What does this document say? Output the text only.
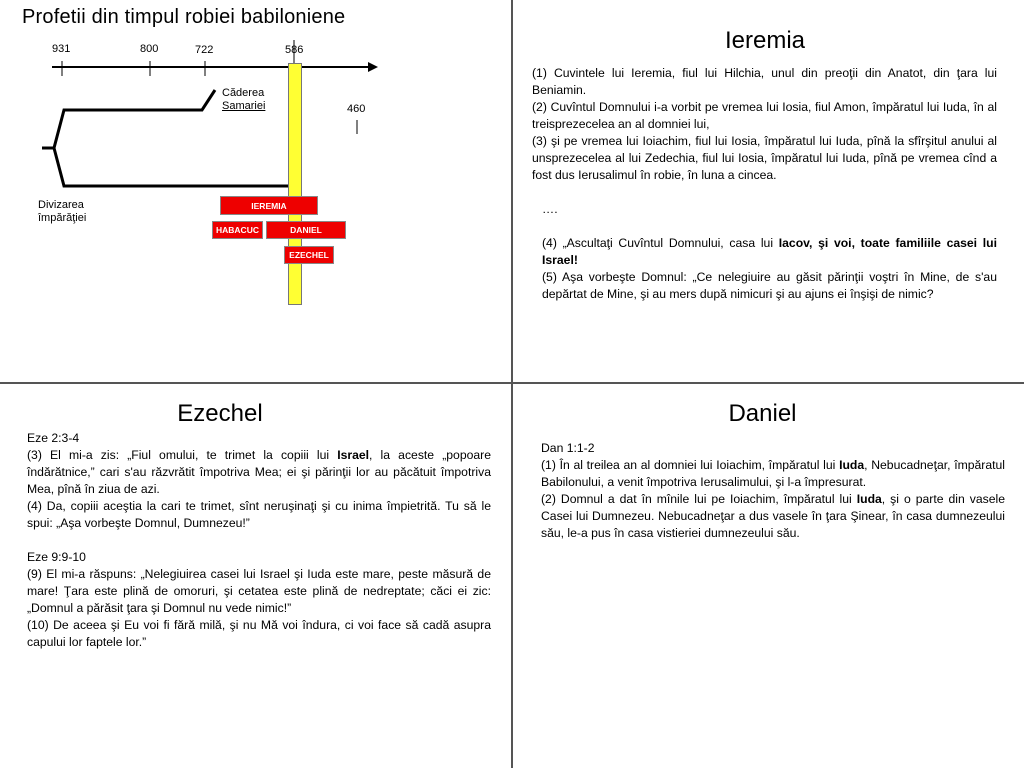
Profetii din timpul robiei babiloniene
931	800	722	586
460
Căderea
Samariei
Divizarea
împărăţiei
IEREMIA
HABACUC	DANIEL
EZECHEL
Ieremia

(1) Cuvintele lui Ieremia, fiul lui Hilchia, unul din preoţii din Anatot, din ţara lui Beniamin.

(2) Cuvîntul Domnului i-a vorbit pe vremea lui Iosia, fiul Amon, împăratul lui Iuda, în al treisprezecelea an al domniei lui,

(3) şi pe vremea lui Ioiachim, fiul lui Iosia, împăratul lui Iuda, pînă la sfîrşitul anului al unsprezecelea al lui Zedechia, fiul lui Iosia, împăratul lui Iuda, pînă pe vremea cînd a fost dus Ierusalimul în robie, în luna a cincea.

….

(4) „Ascultaţi Cuvîntul Domnului, casa lui Iacov, şi voi, toate familiile casei lui Israel!

(5) Aşa vorbeşte Domnul: „Ce nelegiuire au găsit părinţii voştri în Mine, de s'au depărtat de Mine, şi au mers după nimicuri şi au ajuns ei înşişi de nimic?

Ezechel

Eze 2:3-4

(3) El mi-a zis: „Fiul omului, te trimet la copiii lui Israel, la aceste „popoare îndărătnice,” cari s'au răzvrătit împotriva Mea; ei şi părinţii lor au păcătuit împotriva Mea, pînă în ziua de azi.

(4) Da, copiii aceştia la cari te trimet, sînt neruşinaţi şi cu inima împietrită. Tu să le spui: „Aşa vorbeşte Domnul, Dumnezeu!”

Eze 9:9-10

(9) El mi-a răspuns: „Nelegiuirea casei lui Israel şi Iuda este mare, peste măsură de mare! Ţara este plină de omoruri, şi cetatea este plină de nedreptate; căci ei zic: „Domnul a părăsit ţara şi Domnul nu vede nimic!”

(10) De aceea şi Eu voi fi fără milă, şi nu Mă voi îndura, ci voi face să cadă asupra capului lor faptele lor.”

Daniel

Dan 1:1-2

(1) În al treilea an al domniei lui Ioiachim, împăratul lui Iuda, Nebucadneţar, împăratul Babilonului, a venit împotriva Ierusalimului, şi l-a împresurat.

(2) Domnul a dat în mînile lui pe Ioiachim, împăratul lui Iuda, şi o parte din vasele Casei lui Dumnezeu. Nebucadneţar a dus vasele în ţara Şinear, în casa dumnezeului său, le-a pus în casa vistieriei dumnezeului său.
